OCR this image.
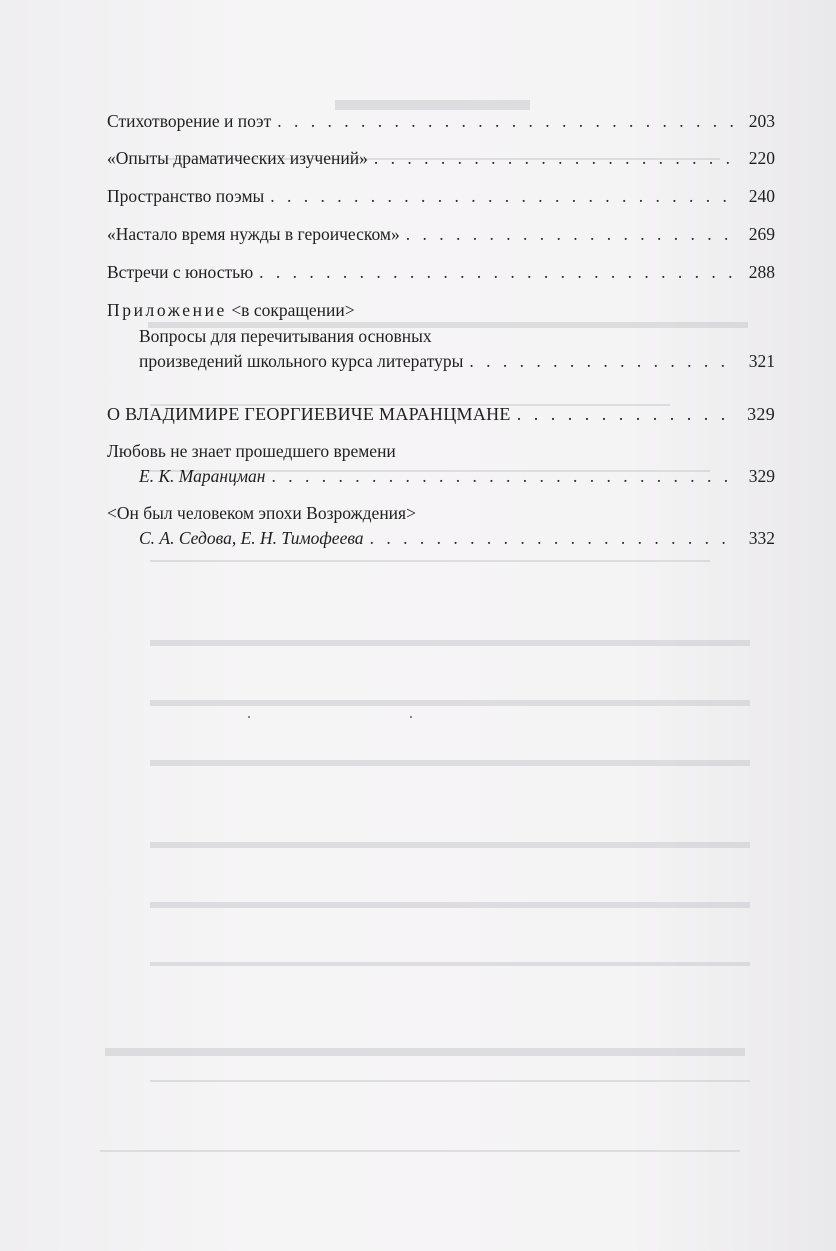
Стихотворение и поэт . . .	203
«Опыты драматических изучений» . . .	220
Пространство поэмы . . .	240
«Настало время нужды в героическом» . . .	269
Встречи с юностью . . .	288
Приложение <в сокращении>
Вопросы для перечитывания основных
произведений школьного курса литературы . . .	321
О ВЛАДИМИРЕ ГЕОРГИЕВИЧЕ МАРАНЦМАНЕ . . .	329
Любовь не знает прошедшего времени
Е. К. Маранцман . . .	329
<Он был человеком эпохи Возрождения>
С. А. Седова, Е. Н. Тимофеева . . .	332
